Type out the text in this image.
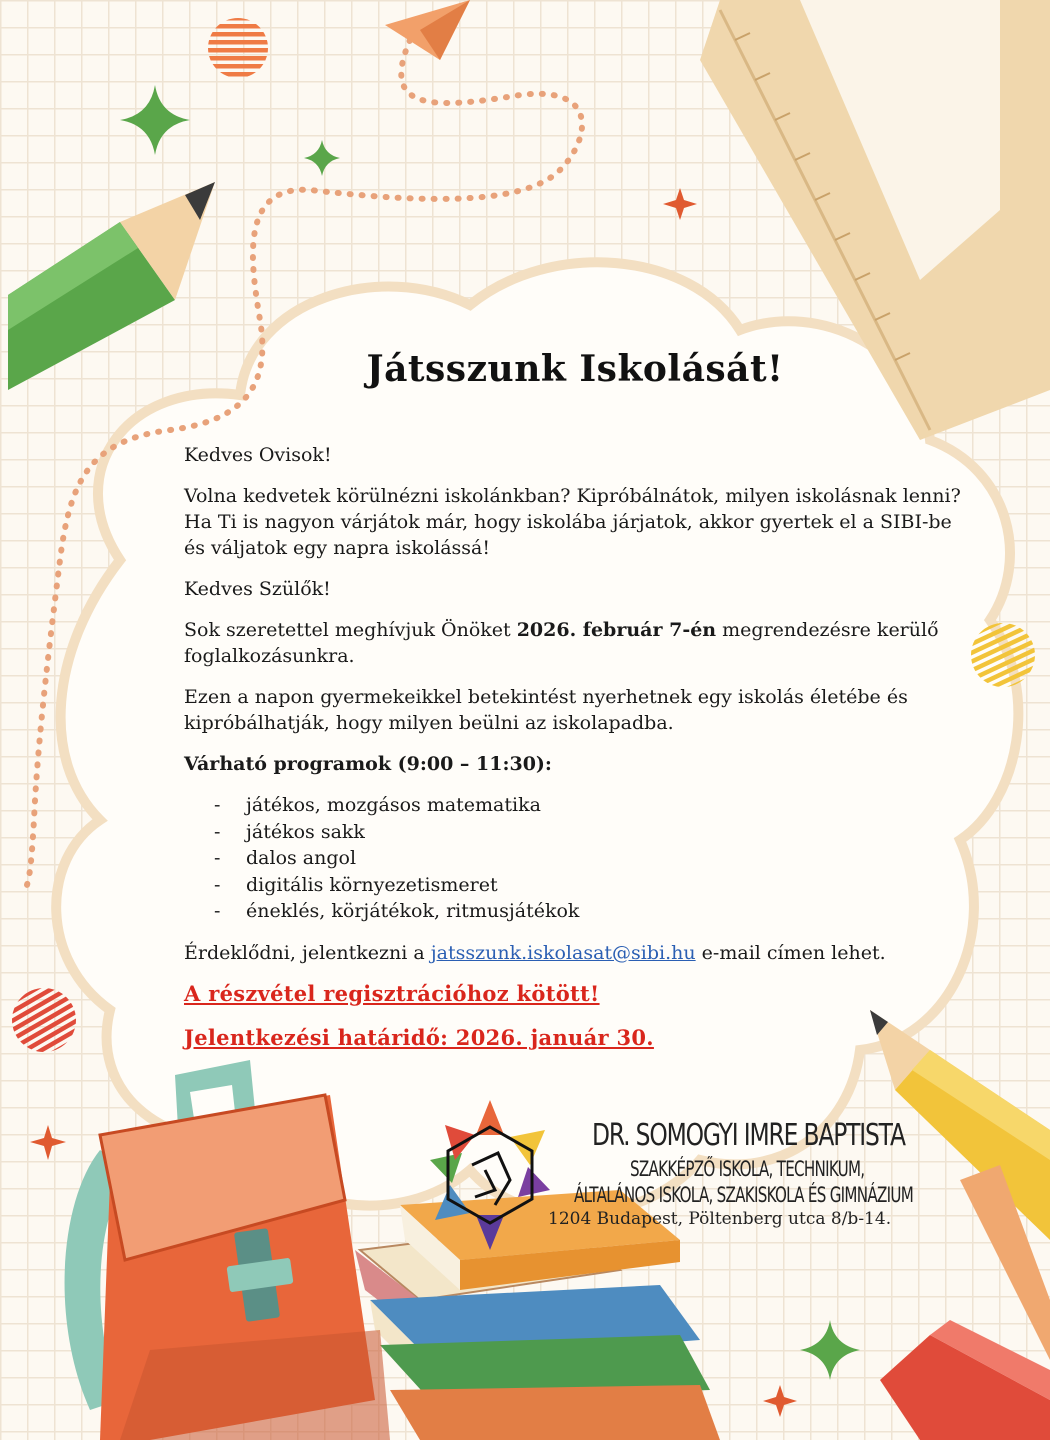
Játsszunk Iskolását!

Kedves Ovisok!

Volna kedvetek körülnézni iskolánkban? Kipróbálnátok, milyen iskolásnak lenni? Ha Ti is nagyon várjátok már, hogy iskolába járjatok, akkor gyertek el a SIBI-be és váljatok egy napra iskolássá!

Kedves Szülők!

Sok szeretettel meghívjuk Önöket 2026. február 7-én megrendezésre kerülő foglalkozásunkra.

Ezen a napon gyermekeikkel betekintést nyerhetnek egy iskolás életébe és kipróbálhatják, hogy milyen beülni az iskolapadba.

Várható programok (9:00 – 11:30):

- játékos, mozgásos matematika
- játékos sakk
- dalos angol
- digitális környezetismeret
- éneklés, körjátékok, ritmusjátékok

Érdeklődni, jelentkezni a jatsszunk.iskolasat@sibi.hu e-mail címen lehet.

A részvétel regisztrációhoz kötött!

Jelentkezési határidő: 2026. január 30.

DR. SOMOGYI IMRE BAPTISTA
SZAKKÉPZŐ ISKOLA, TECHNIKUM,
ÁLTALÁNOS ISKOLA, SZAKISKOLA ÉS GIMNÁZIUM
1204 Budapest, Pöltenberg utca 8/b-14.
